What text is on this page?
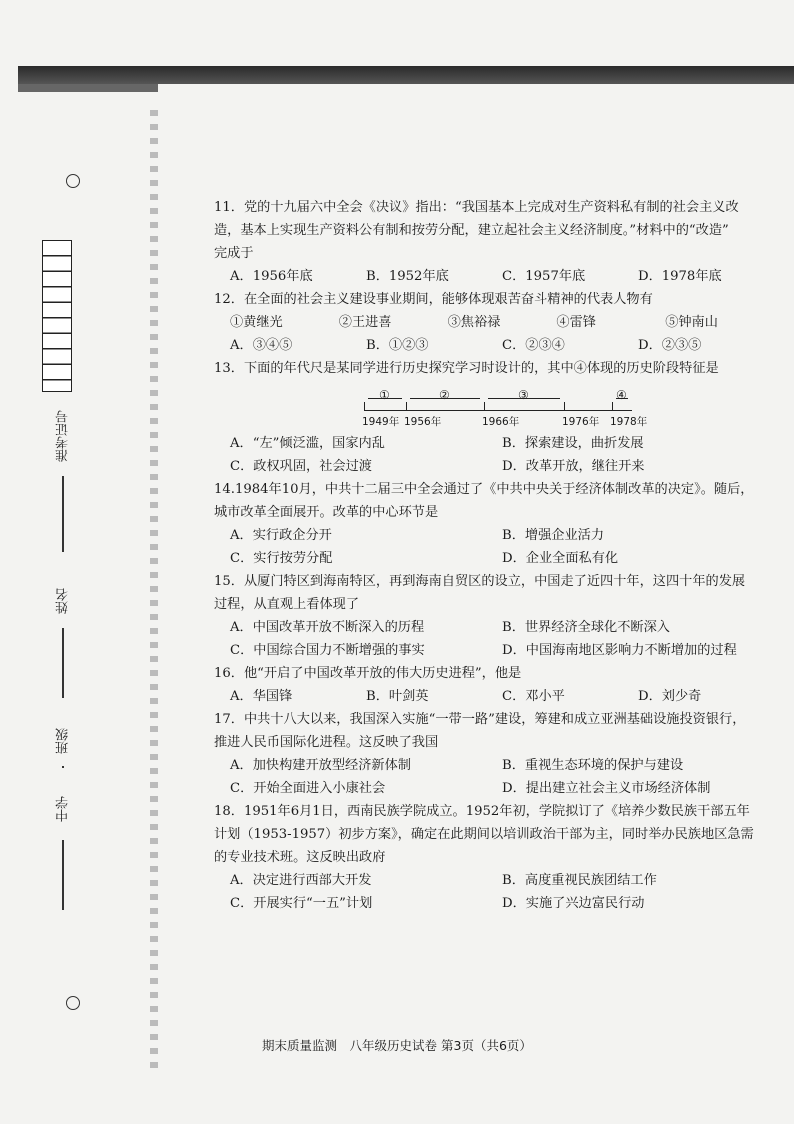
准考证号
姓名
班级
中学

11．党的十九届六中全会《决议》指出：“我国基本上完成对生产资料私有制的社会主义改

造，基本上实现生产资料公有制和按劳分配，建立起社会主义经济制度。”材料中的“改造”

完成于

A．1956年底	B．1952年底	C．1957年底	D．1978年底

12．在全面的社会主义建设事业期间，能够体现艰苦奋斗精神的代表人物有

①黄继光	②王进喜	③焦裕禄	④雷锋	⑤钟南山
A．③④⑤	B．①②③	C．②③④	D．②③⑤

13．下面的年代尺是某同学进行历史探究学习时设计的，其中④体现的历史阶段特征是

1949年 1956年	1966年	1976年 1978年
①	②	③	④
A．“左”倾泛滥，国家内乱	B．探索建设，曲折发展
C．政权巩固，社会过渡	D．改革开放，继往开来

14.1984年10月，中共十二届三中全会通过了《中共中央关于经济体制改革的决定》。随后，

城市改革全面展开。改革的中心环节是

A．实行政企分开	B．增强企业活力
C．实行按劳分配	D．企业全面私有化

15．从厦门特区到海南特区，再到海南自贸区的设立，中国走了近四十年，这四十年的发展

过程，从直观上看体现了

A．中国改革开放不断深入的历程	B．世界经济全球化不断深入
C．中国综合国力不断增强的事实	D．中国海南地区影响力不断增加的过程

16．他“开启了中国改革开放的伟大历史进程”，他是

A．华国锋	B．叶剑英	C．邓小平	D．刘少奇

17．中共十八大以来，我国深入实施“一带一路”建设，筹建和成立亚洲基础设施投资银行，

推进人民币国际化进程。这反映了我国

A．加快构建开放型经济新体制	B．重视生态环境的保护与建设
C．开始全面进入小康社会	D．提出建立社会主义市场经济体制

18．1951年6月1日，西南民族学院成立。1952年初，学院拟订了《培养少数民族干部五年

计划（1953-1957）初步方案》，确定在此期间以培训政治干部为主，同时举办民族地区急需

的专业技术班。这反映出政府

A．决定进行西部大开发	B．高度重视民族团结工作
C．开展实行“一五”计划	D．实施了兴边富民行动
期末质量监测　八年级历史试卷 第3页（共6页）
